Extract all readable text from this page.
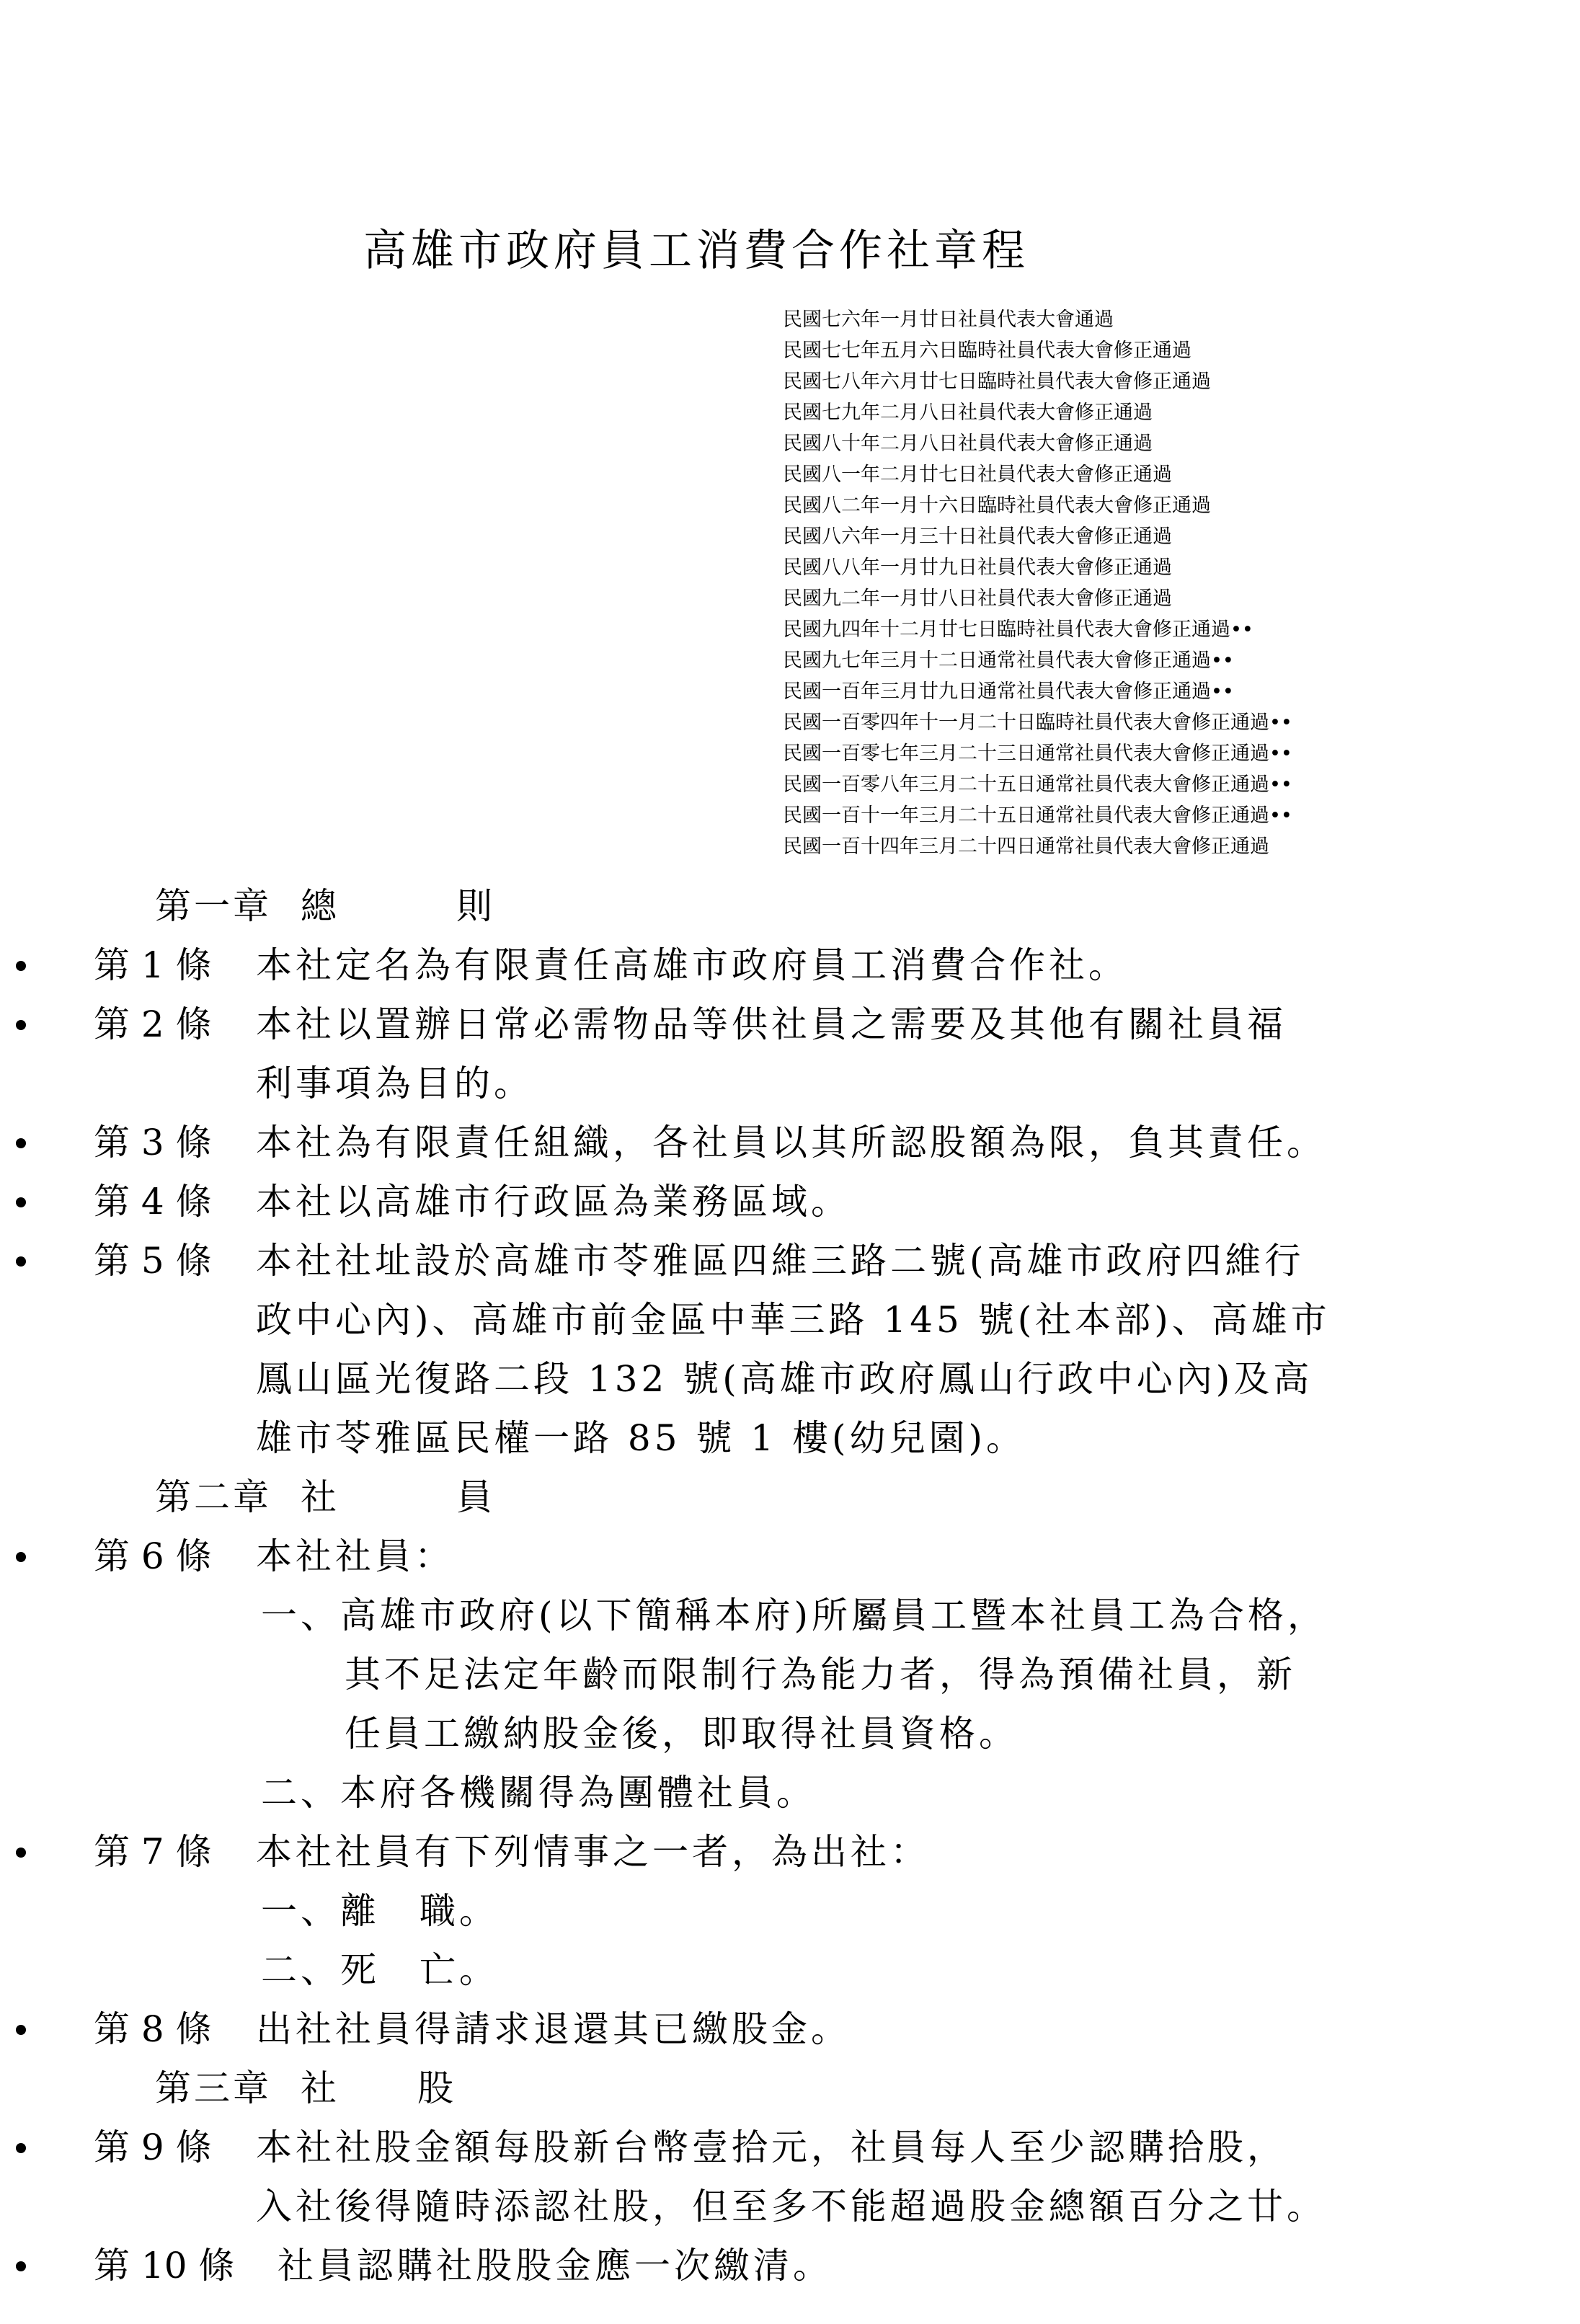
高雄市政府員工消費合作社章程
民國七六年一月廿日社員代表大會通過
民國七七年五月六日臨時社員代表大會修正通過
民國七八年六月廿七日臨時社員代表大會修正通過
民國七九年二月八日社員代表大會修正通過
民國八十年二月八日社員代表大會修正通過
民國八一年二月廿七日社員代表大會修正通過
民國八二年一月十六日臨時社員代表大會修正通過
民國八六年一月三十日社員代表大會修正通過
民國八八年一月廿九日社員代表大會修正通過
民國九二年一月廿八日社員代表大會修正通過
民國九四年十二月廿七日臨時社員代表大會修正通過••
民國九七年三月十二日通常社員代表大會修正通過••
民國一百年三月廿九日通常社員代表大會修正通過••
民國一百零四年十一月二十日臨時社員代表大會修正通過••
民國一百零七年三月二十三日通常社員代表大會修正通過••
民國一百零八年三月二十五日通常社員代表大會修正通過••
民國一百十一年三月二十五日通常社員代表大會修正通過••
民國一百十四年三月二十四日通常社員代表大會修正通過
第一章 總　　　則
第 1 條 本社定名為有限責任高雄市政府員工消費合作社。
第 2 條 本社以置辦日常必需物品等供社員之需要及其他有關社員福
利事項為目的。
第 3 條 本社為有限責任組織，各社員以其所認股額為限，負其責任。
第 4 條 本社以高雄市行政區為業務區域。
第 5 條 本社社址設於高雄市苓雅區四維三路二號(高雄市政府四維行
政中心內)、高雄市前金區中華三路 145 號(社本部)、高雄市
鳳山區光復路二段 132 號(高雄市政府鳳山行政中心內)及高
雄市苓雅區民權一路 85 號 1 樓(幼兒園)。
第二章 社　　　員
第 6 條 本社社員：
一、高雄市政府(以下簡稱本府)所屬員工暨本社員工為合格，
其不足法定年齡而限制行為能力者，得為預備社員，新
任員工繳納股金後，即取得社員資格。
二、本府各機關得為團體社員。
第 7 條 本社社員有下列情事之一者，為出社：
一、離　職。
二、死　亡。
第 8 條 出社社員得請求退還其已繳股金。
第三章 社　　股
第 9 條 本社社股金額每股新台幣壹拾元，社員每人至少認購拾股，
入社後得隨時添認社股，但至多不能超過股金總額百分之廿。
第 10 條 社員認購社股股金應一次繳清。
